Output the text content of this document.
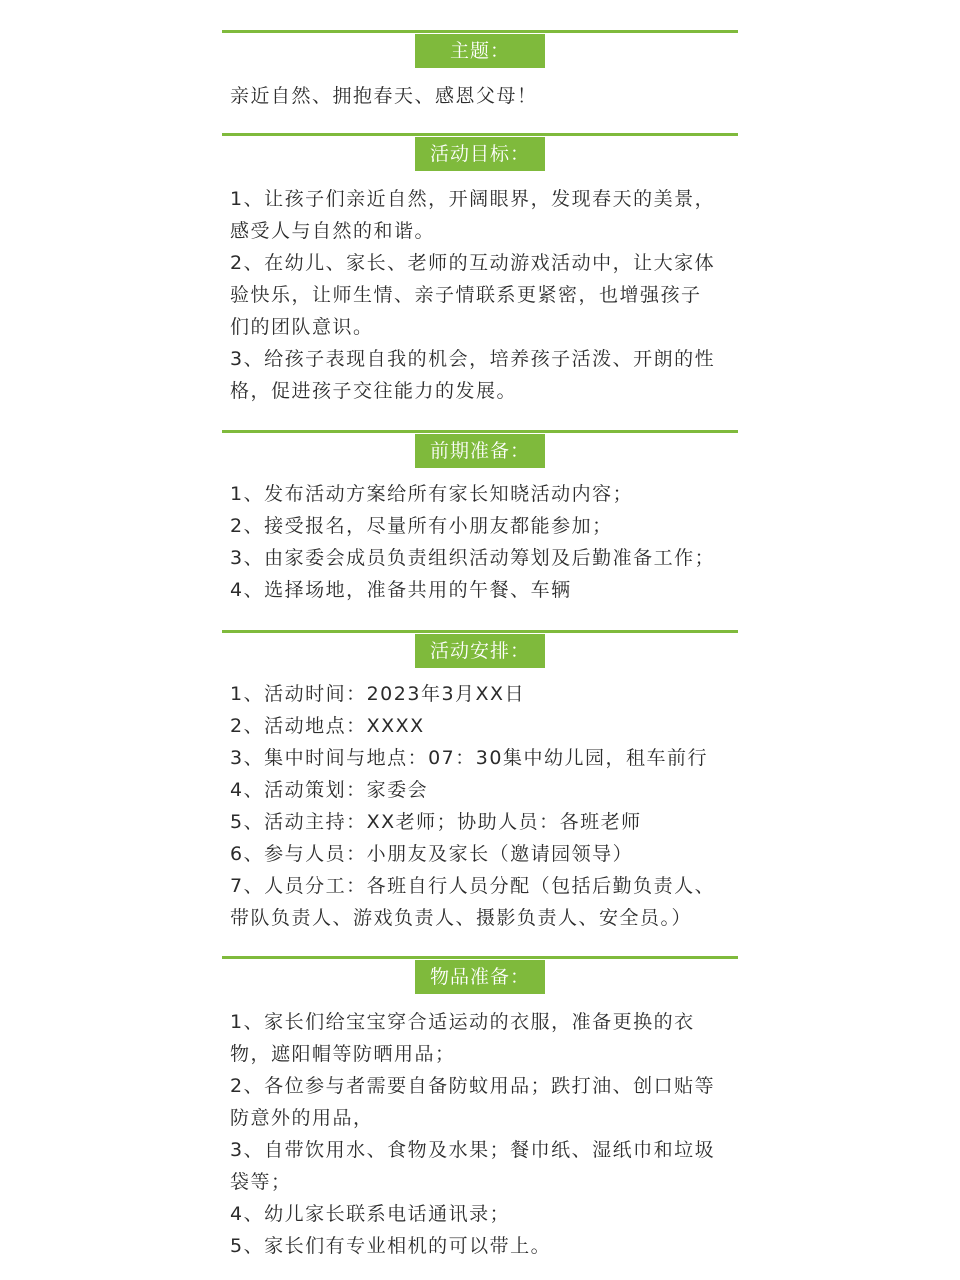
主题：
亲近自然、拥抱春天、感恩父母！
活动目标：
1、让孩子们亲近自然，开阔眼界，发现春天的美景，
感受人与自然的和谐。
2、在幼儿、家长、老师的互动游戏活动中，让大家体
验快乐，让师生情、亲子情联系更紧密，也增强孩子
们的团队意识。
3、给孩子表现自我的机会，培养孩子活泼、开朗的性
格，促进孩子交往能力的发展。
前期准备：
1、发布活动方案给所有家长知晓活动内容；
2、接受报名，尽量所有小朋友都能参加；
3、由家委会成员负责组织活动筹划及后勤准备工作；
4、选择场地，准备共用的午餐、车辆
活动安排：
1、活动时间：2023年3月XX日
2、活动地点：XXXX
3、集中时间与地点：07：30集中幼儿园，租车前行
4、活动策划：家委会
5、活动主持：XX老师；协助人员：各班老师
6、参与人员：小朋友及家长（邀请园领导）
7、人员分工：各班自行人员分配（包括后勤负责人、
带队负责人、游戏负责人、摄影负责人、安全员。）
物品准备：
1、家长们给宝宝穿合适运动的衣服，准备更换的衣
物，遮阳帽等防晒用品；
2、各位参与者需要自备防蚊用品；跌打油、创口贴等
防意外的用品，
3、自带饮用水、食物及水果；餐巾纸、湿纸巾和垃圾
袋等；
4、幼儿家长联系电话通讯录；
5、家长们有专业相机的可以带上。
